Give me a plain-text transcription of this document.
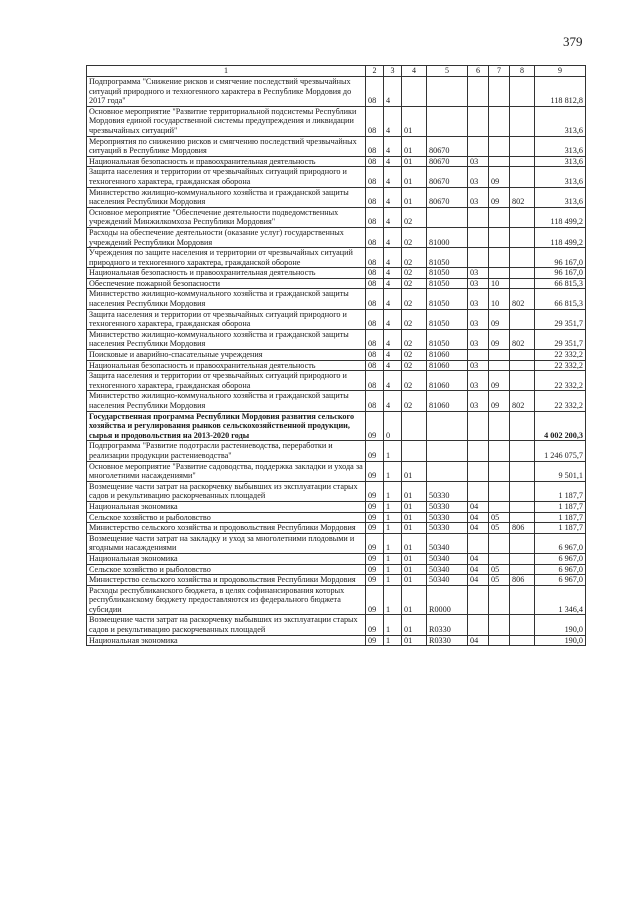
379
1	2	3	4	5	6	7	8	9
Подпрограмма "Снижение рисков и смягчение последствий чрезвычайных ситуаций природного и техногенного характера в Республике Мордовия до 2017 года"	08	4						118 812,8
Основное мероприятие "Развитие территориальной подсистемы Республики Мордовия единой государственной системы предупреждения и ликвидации чрезвычайных ситуаций"	08	4	01					313,6
Мероприятия по снижению рисков и смягчению последствий чрезвычайных ситуаций в Республике Мордовия	08	4	01	80670				313,6
Национальная безопасность и правоохранительная деятельность	08	4	01	80670	03			313,6
Защита населения и территории от чрезвычайных ситуаций природного и техногенного характера, гражданская оборона	08	4	01	80670	03	09		313,6
Министерство жилищно-коммунального хозяйства и гражданской защиты населения Республики Мордовия	08	4	01	80670	03	09	802	313,6
Основное мероприятие "Обеспечение деятельности подведомственных учреждений Минжилкомхоза Республики Мордовия"	08	4	02					118 499,2
Расходы на обеспечение деятельности (оказание услуг) государственных учреждений Республики Мордовия	08	4	02	81000				118 499,2
Учреждения по защите населения и территории от чрезвычайных ситуаций природного и техногенного характера, гражданской обороне	08	4	02	81050				96 167,0
Национальная безопасность и правоохранительная деятельность	08	4	02	81050	03			96 167,0
Обеспечение пожарной безопасности	08	4	02	81050	03	10		66 815,3
Министерство жилищно-коммунального хозяйства и гражданской защиты населения Республики Мордовия	08	4	02	81050	03	10	802	66 815,3
Защита населения и территории от чрезвычайных ситуаций природного и техногенного характера, гражданская оборона	08	4	02	81050	03	09		29 351,7
Министерство жилищно-коммунального хозяйства и гражданской защиты населения Республики Мордовия	08	4	02	81050	03	09	802	29 351,7
Поисковые и аварийно-спасательные учреждения	08	4	02	81060				22 332,2
Национальная безопасность и правоохранительная деятельность	08	4	02	81060	03			22 332,2
Защита населения и территории от чрезвычайных ситуаций природного и техногенного характера, гражданская оборона	08	4	02	81060	03	09		22 332,2
Министерство жилищно-коммунального хозяйства и гражданской защиты населения Республики Мордовия	08	4	02	81060	03	09	802	22 332,2
Государственная программа Республики Мордовия развития сельского хозяйства и регулирования рынков сельскохозяйственной продукции, сырья и продовольствия на 2013-2020 годы	09	0						4 002 200,3
Подпрограмма "Развитие подотрасли растениеводства, переработки и реализации продукции растениеводства"	09	1						1 246 075,7
Основное мероприятие "Развитие садоводства, поддержка закладки и ухода за многолетними насаждениями"	09	1	01					9 501,1
Возмещение части затрат на раскорчевку выбывших из эксплуатации старых садов и рекультивацию раскорчеванных площадей	09	1	01	50330				1 187,7
Национальная экономика	09	1	01	50330	04			1 187,7
Сельское хозяйство и рыболовство	09	1	01	50330	04	05		1 187,7
Министерство сельского хозяйства и продовольствия Республики Мордовия	09	1	01	50330	04	05	806	1 187,7
Возмещение части затрат на закладку и уход за многолетними плодовыми и ягодными насаждениями	09	1	01	50340				6 967,0
Национальная экономика	09	1	01	50340	04			6 967,0
Сельское хозяйство и рыболовство	09	1	01	50340	04	05		6 967,0
Министерство сельского хозяйства и продовольствия Республики Мордовия	09	1	01	50340	04	05	806	6 967,0
Расходы республиканского бюджета, в целях софинансирования которых республиканскому бюджету предоставляются из федерального бюджета субсидии	09	1	01	R0000				1 346,4
Возмещение части затрат на раскорчевку выбывших из эксплуатации старых садов и рекультивацию раскорчеванных площадей	09	1	01	R0330				190,0
Национальная экономика	09	1	01	R0330	04			190,0
